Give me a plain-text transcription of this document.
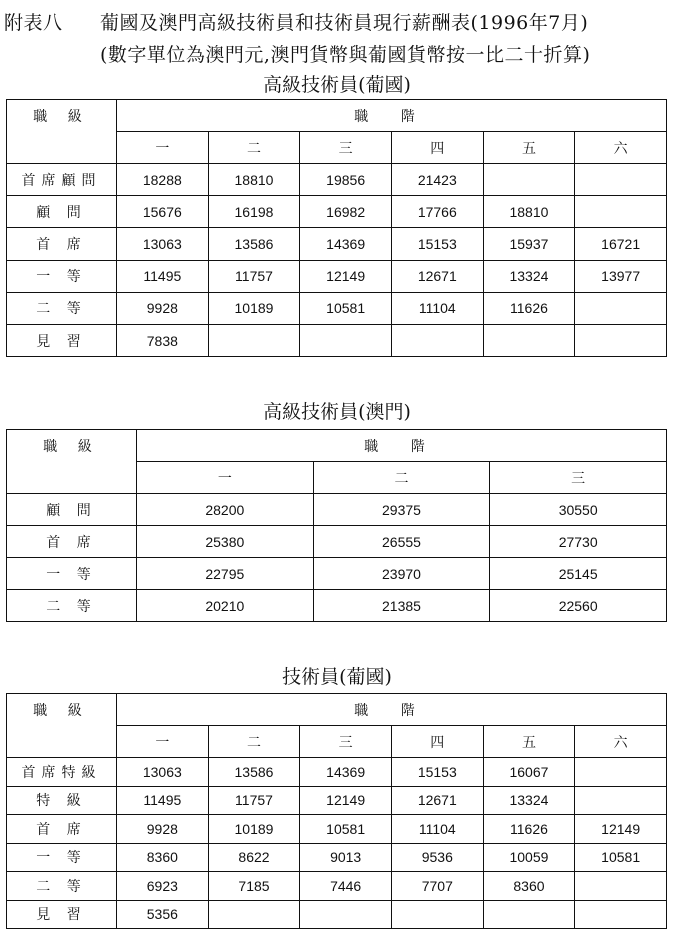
附表八 葡國及澳門高級技術員和技術員現行薪酬表(1996年7月)
(數字單位為澳門元,澳門貨幣與葡國貨幣按一比二十折算)
高級技術員(葡國)
職 級	職 階					
	一	二	三	四	五	六
首席顧問	18288	18810	19856	21423		
顧 問	15676	16198	16982	17766	18810	
首 席	13063	13586	14369	15153	15937	16721
一 等	11495	11757	12149	12671	13324	13977
二 等	9928	10189	10581	11104	11626	
見 習	7838					
高級技術員(澳門)
職 級	職 階		
	一	二	三
顧 問	28200	29375	30550
首 席	25380	26555	27730
一 等	22795	23970	25145
二 等	20210	21385	22560
技術員(葡國)
職 級	職 階					
	一	二	三	四	五	六
首席特級	13063	13586	14369	15153	16067	
特 級	11495	11757	12149	12671	13324	
首 席	9928	10189	10581	11104	11626	12149
一 等	8360	8622	9013	9536	10059	10581
二 等	6923	7185	7446	7707	8360	
見 習	5356					
